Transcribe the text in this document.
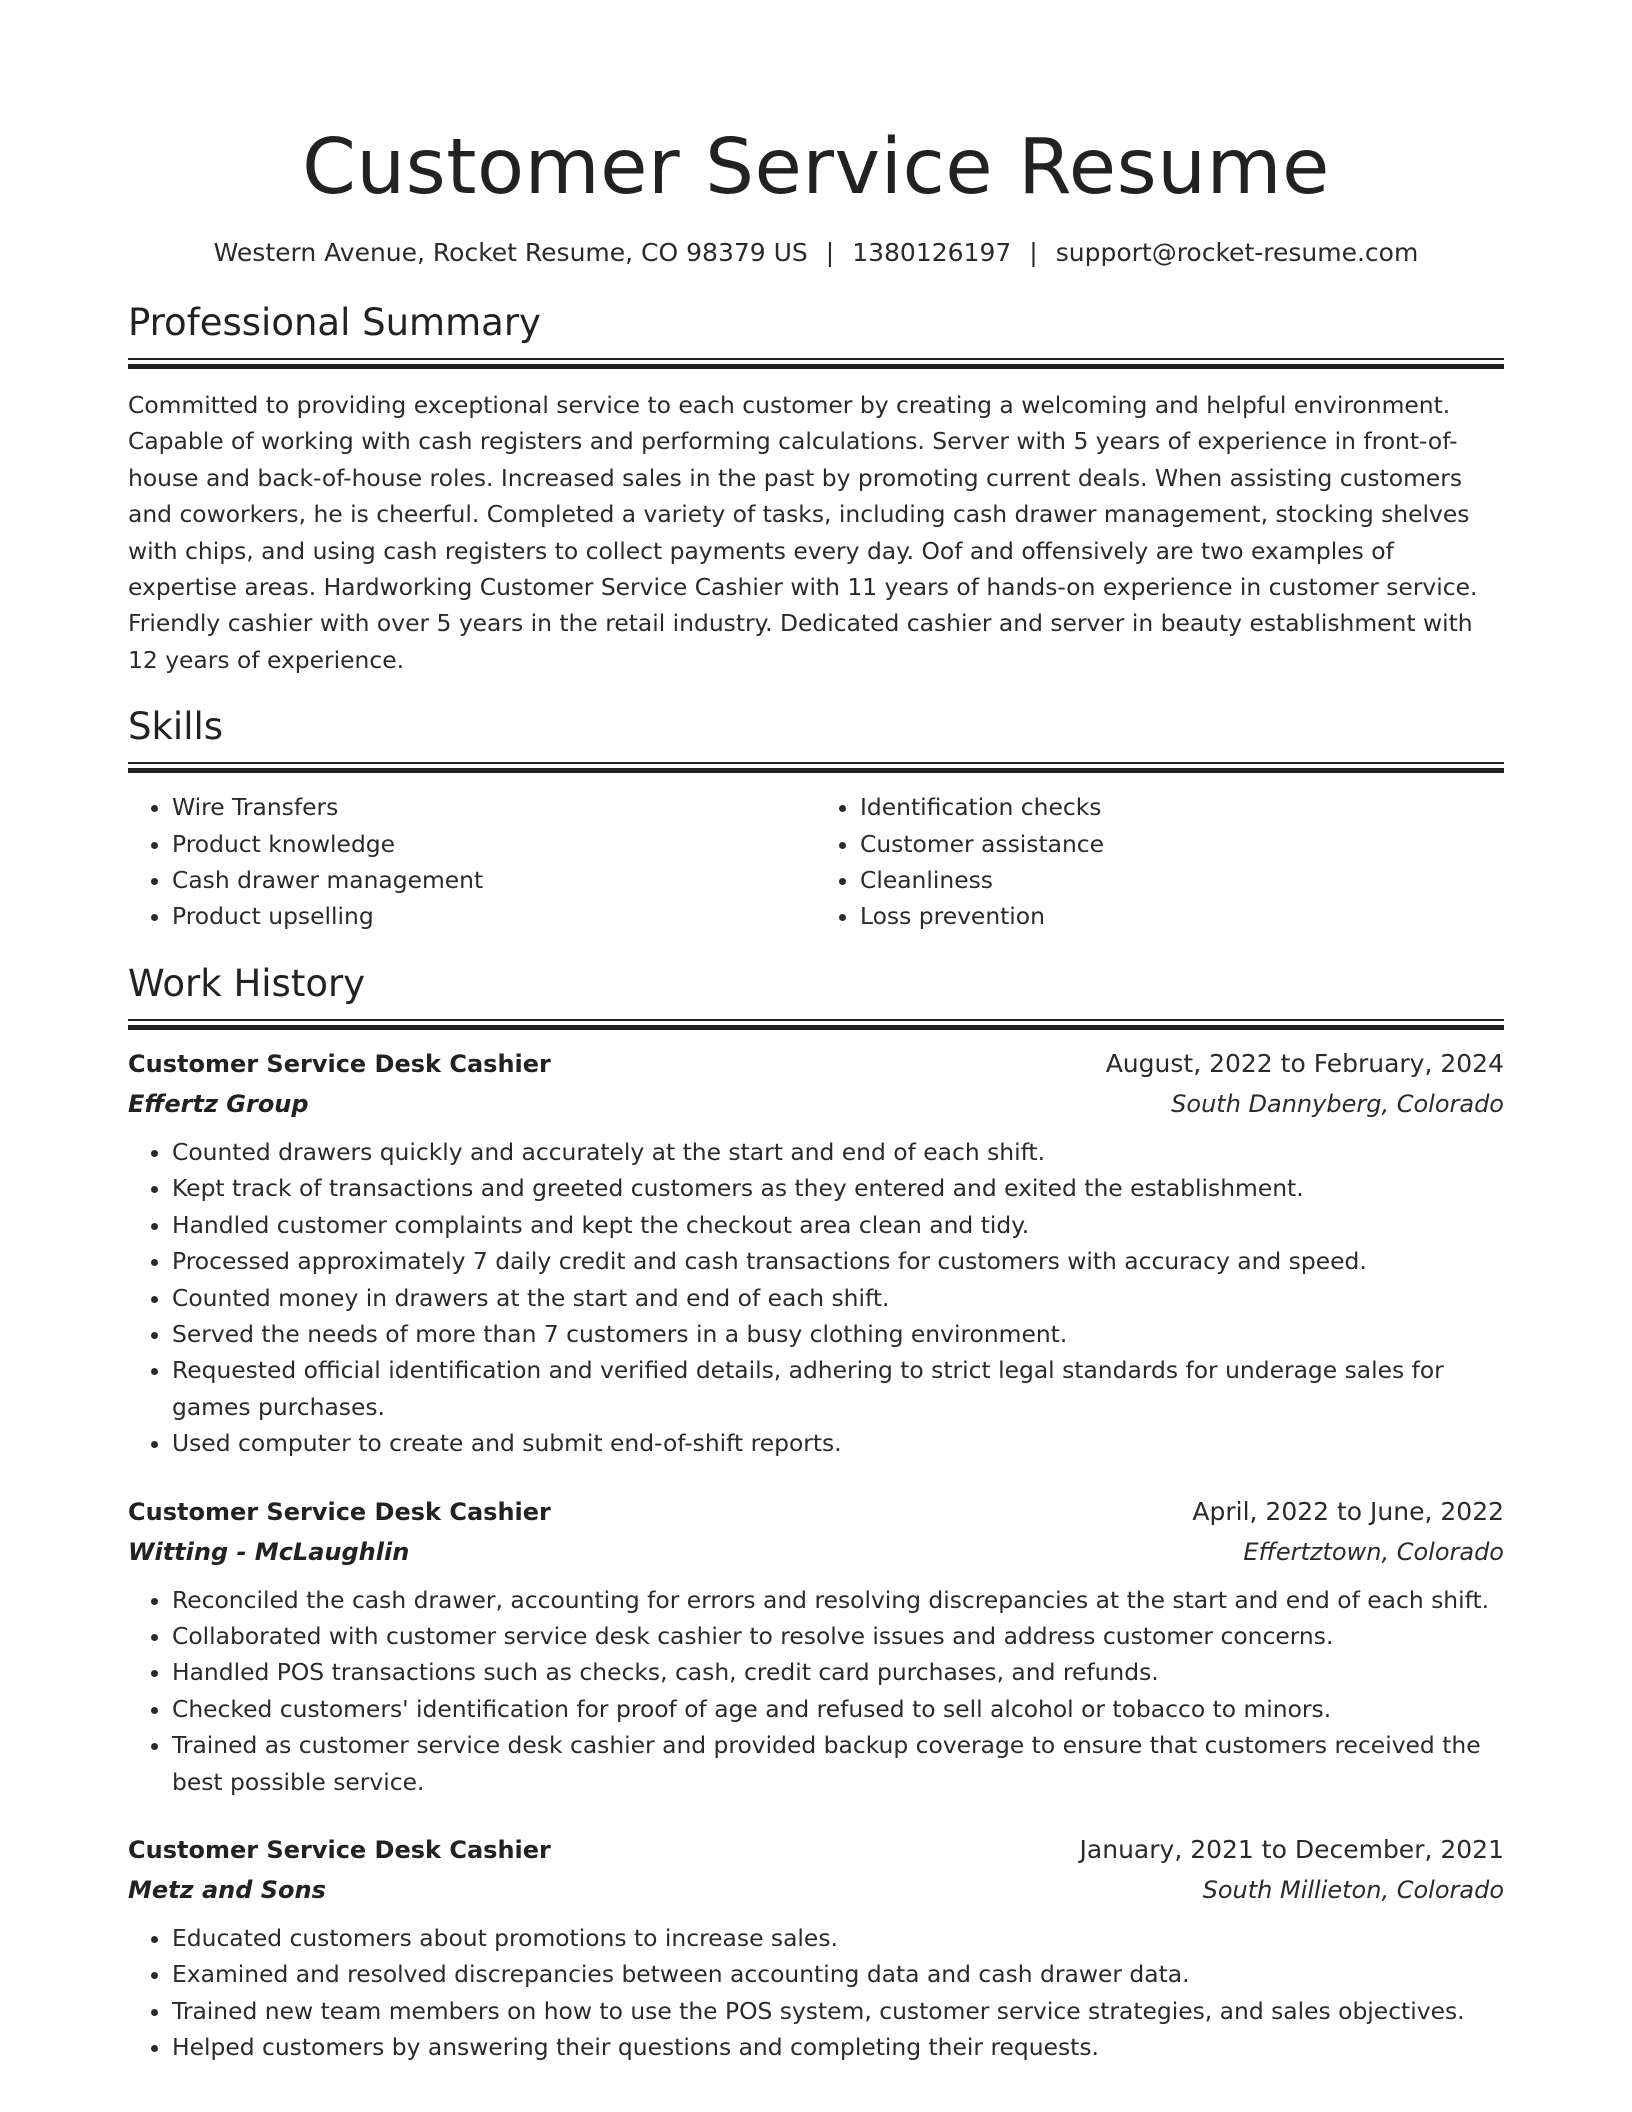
Customer Service Resume
Western Avenue, Rocket Resume, CO 98379 US | 1380126197 | support@rocket-resume.com
Professional Summary

Committed to providing exceptional service to each customer by creating a welcoming and helpful environment. Capable of working with cash registers and performing calculations. Server with 5 years of experience in front-of-house and back-of-house roles. Increased sales in the past by promoting current deals. When assisting customers and coworkers, he is cheerful. Completed a variety of tasks, including cash drawer management, stocking shelves with chips, and using cash registers to collect payments every day. Oof and offensively are two examples of expertise areas. Hardworking Customer Service Cashier with 11 years of hands-on experience in customer service. Friendly cashier with over 5 years in the retail industry. Dedicated cashier and server in beauty establishment with 12 years of experience.

Skills
• Wire Transfers
• Product knowledge
• Cash drawer management
• Product upselling
• Identification checks
• Customer assistance
• Cleanliness
• Loss prevention
Work History
Customer Service Desk Cashier	August, 2022 to February, 2024
Effertz Group	South Dannyberg, Colorado
• Counted drawers quickly and accurately at the start and end of each shift.
• Kept track of transactions and greeted customers as they entered and exited the establishment.
• Handled customer complaints and kept the checkout area clean and tidy.
• Processed approximately 7 daily credit and cash transactions for customers with accuracy and speed.
• Counted money in drawers at the start and end of each shift.
• Served the needs of more than 7 customers in a busy clothing environment.
• Requested official identification and verified details, adhering to strict legal standards for underage sales for games purchases.
• Used computer to create and submit end-of-shift reports.
Customer Service Desk Cashier	April, 2022 to June, 2022
Witting - McLaughlin	Effertztown, Colorado
• Reconciled the cash drawer, accounting for errors and resolving discrepancies at the start and end of each shift.
• Collaborated with customer service desk cashier to resolve issues and address customer concerns.
• Handled POS transactions such as checks, cash, credit card purchases, and refunds.
• Checked customers' identification for proof of age and refused to sell alcohol or tobacco to minors.
• Trained as customer service desk cashier and provided backup coverage to ensure that customers received the best possible service.
Customer Service Desk Cashier	January, 2021 to December, 2021
Metz and Sons	South Millieton, Colorado
• Educated customers about promotions to increase sales.
• Examined and resolved discrepancies between accounting data and cash drawer data.
• Trained new team members on how to use the POS system, customer service strategies, and sales objectives.
• Helped customers by answering their questions and completing their requests.
